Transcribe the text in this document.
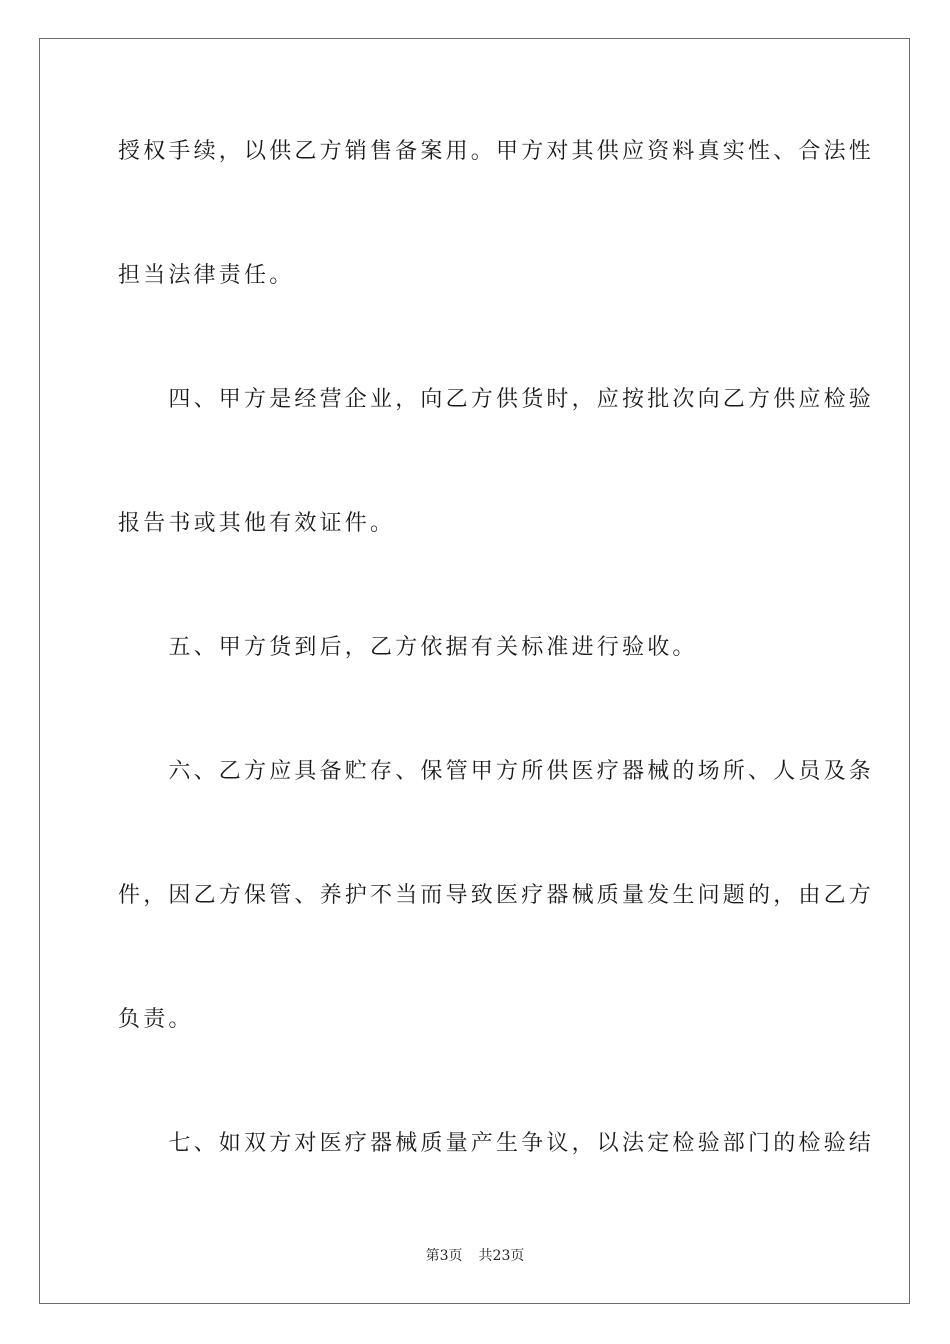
授权手续，以供乙方销售备案用。甲方对其供应资料真实性、合法性
担当法律责任。
　　四、甲方是经营企业，向乙方供货时，应按批次向乙方供应检验
报告书或其他有效证件。
　　五、甲方货到后，乙方依据有关标准进行验收。
　　六、乙方应具备贮存、保管甲方所供医疗器械的场所、人员及条
件，因乙方保管、养护不当而导致医疗器械质量发生问题的，由乙方
负责。
　　七、如双方对医疗器械质量产生争议，以法定检验部门的检验结
第3页 共23页
